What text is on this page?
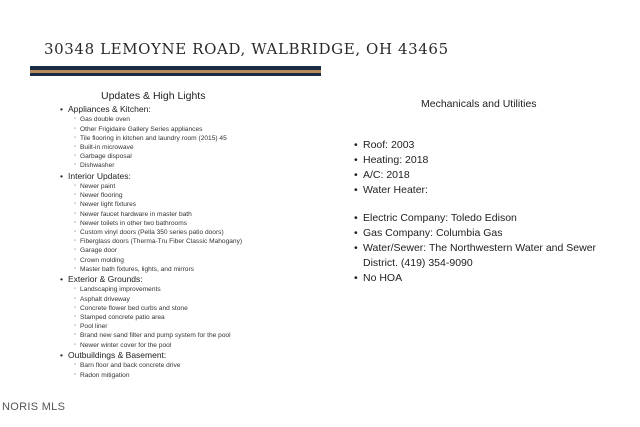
30348 LEMOYNE ROAD, WALBRIDGE, OH 43465
Updates & High Lights
• Appliances & Kitchen:
◦ Gas double oven
◦ Other Frigidaire Gallery Series appliances
◦ Tile flooring in kitchen and laundry room (2015) 45
◦ Built-in microwave
◦ Garbage disposal
◦ Dishwasher
• Interior Updates:
◦ Newer paint
◦ Newer flooring
◦ Newer light fixtures
◦ Newer faucet hardware in master bath
◦ Newer toilets in other two bathrooms
◦ Custom vinyl doors (Pella 350 series patio doors)
◦ Fiberglass doors (Therma-Tru Fiber Classic Mahogany)
◦ Garage door
◦ Crown molding
◦ Master bath fixtures, lights, and mirrors
• Exterior & Grounds:
◦ Landscaping improvements
◦ Asphalt driveway
◦ Concrete flower bed curbs and stone
◦ Stamped concrete patio area
◦ Pool liner
◦ Brand new sand filter and pump system for the pool
◦ Newer winter cover for the pool
• Outbuildings & Basement:
◦ Barn floor and back concrete drive
◦ Radon mitigation
Mechanicals and Utilities
• Roof: 2003
• Heating: 2018
• A/C: 2018
• Water Heater:
• Electric Company: Toledo Edison
• Gas Company: Columbia Gas
• Water/Sewer: The Northwestern Water and Sewer District. (419) 354-9090
• No HOA
NORIS MLS
